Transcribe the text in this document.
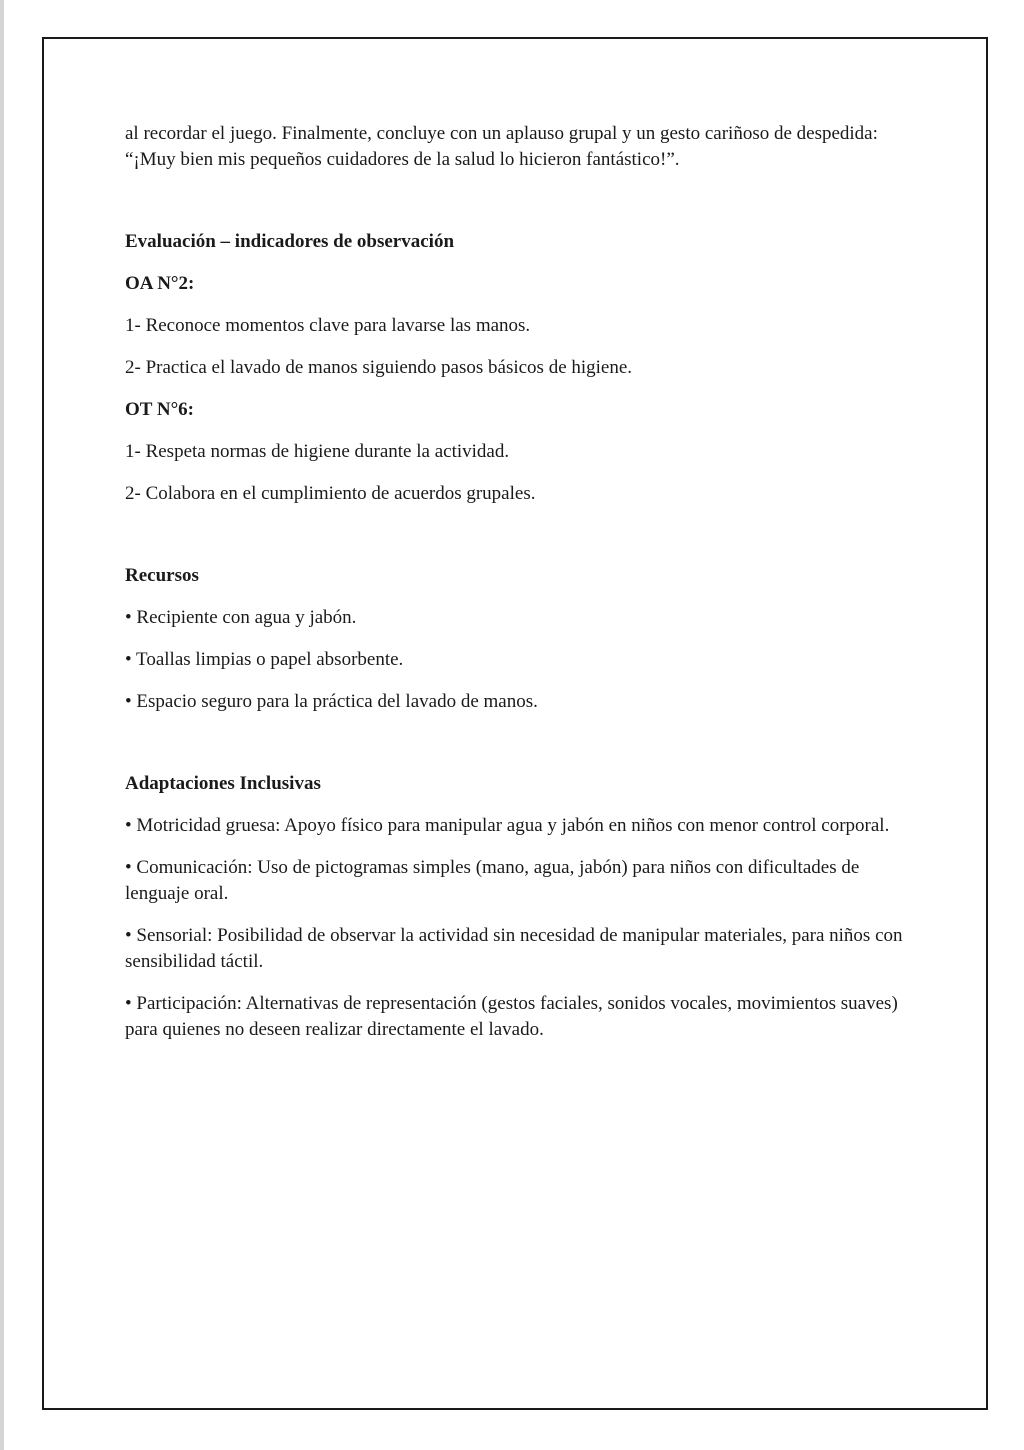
al recordar el juego. Finalmente, concluye con un aplauso grupal y un gesto cariñoso de despedida: “¡Muy bien mis pequeños cuidadores de la salud lo hicieron fantástico!”.

Evaluación – indicadores de observación

OA N°2:

1- Reconoce momentos clave para lavarse las manos.

2- Practica el lavado de manos siguiendo pasos básicos de higiene.

OT N°6:

1- Respeta normas de higiene durante la actividad.

2- Colabora en el cumplimiento de acuerdos grupales.

Recursos

• Recipiente con agua y jabón.

• Toallas limpias o papel absorbente.

• Espacio seguro para la práctica del lavado de manos.

Adaptaciones Inclusivas

• Motricidad gruesa: Apoyo físico para manipular agua y jabón en niños con menor control corporal.

• Comunicación: Uso de pictogramas simples (mano, agua, jabón) para niños con dificultades de lenguaje oral.

• Sensorial: Posibilidad de observar la actividad sin necesidad de manipular materiales, para niños con sensibilidad táctil.

• Participación: Alternativas de representación (gestos faciales, sonidos vocales, movimientos suaves) para quienes no deseen realizar directamente el lavado.
